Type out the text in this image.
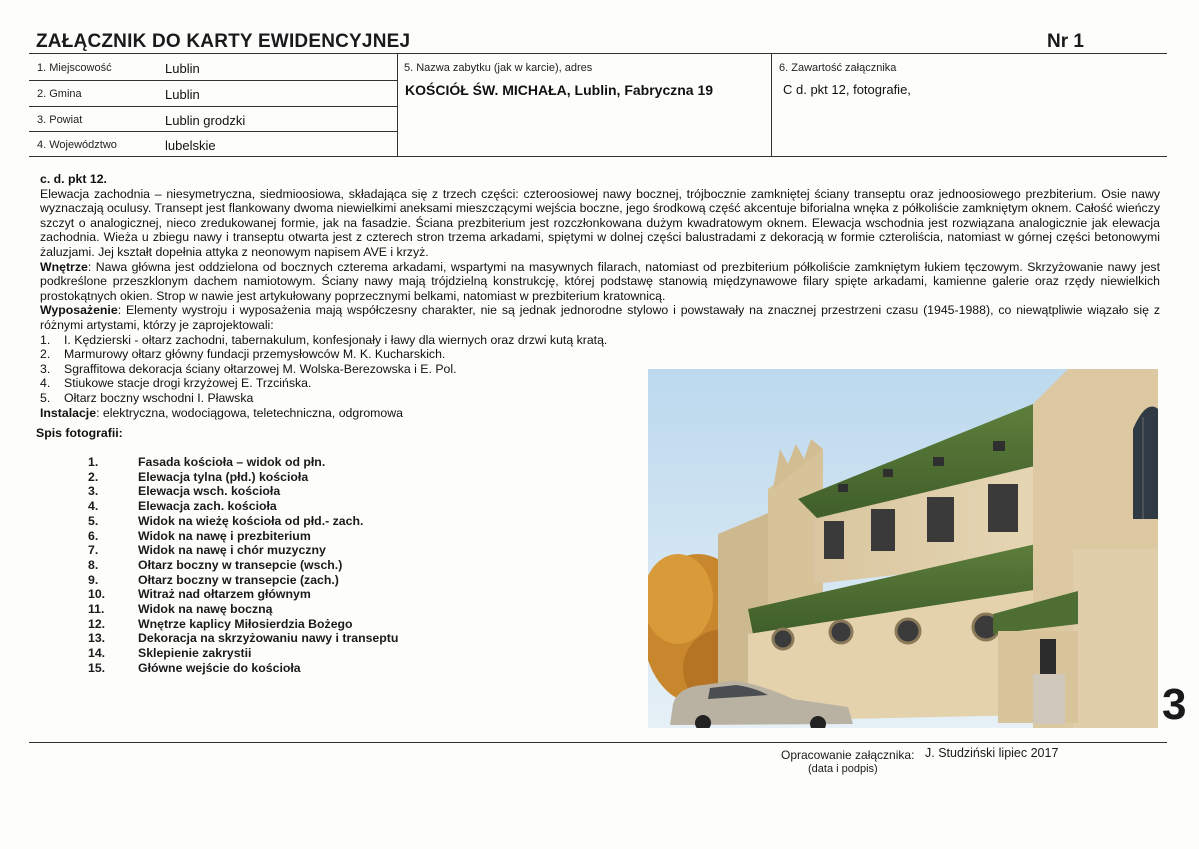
ZAŁĄCZNIK DO KARTY EWIDENCYJNEJ	Nr 1
1. Miejscowość	Lublin
2. Gmina	Lublin
3. Powiat	Lublin grodzki
4. Województwo	lubelskie
5. Nazwa zabytku (jak w karcie), adres
KOŚCIÓŁ ŚW. MICHAŁA, Lublin, Fabryczna 19
6. Zawartość załącznika
C d. pkt 12, fotografie,

c. d. pkt 12.

Elewacja zachodnia – niesymetryczna, siedmioosiowa, składająca się z trzech części: czteroosiowej nawy bocznej, trójbocznie zamkniętej ściany transeptu oraz jednoosiowego prezbiterium. Osie nawy wyznaczają oculusy. Transept jest flankowany dwoma niewielkimi aneksami mieszczącymi wejścia boczne, jego środkową część akcentuje biforialna wnęka z półkoliście zamkniętym oknem. Całość wieńczy szczyt o analogicznej, nieco zredukowanej formie, jak na fasadzie. Ściana prezbiterium jest rozczłonkowana dużym kwadratowym oknem. Elewacja wschodnia jest rozwiązana analogicznie jak elewacja zachodnia. Wieża u zbiegu nawy i transeptu otwarta jest z czterech stron trzema arkadami, spiętymi w dolnej części balustradami z dekoracją w formie czteroliścia, natomiast w górnej części betonowymi żaluzjami. Jej kształt dopełnia attyka z neonowym napisem AVE i krzyż.

Wnętrze: Nawa główna jest oddzielona od bocznych czterema arkadami, wspartymi na masywnych filarach, natomiast od prezbiterium półkoliście zamkniętym łukiem tęczowym. Skrzyżowanie nawy jest podkreślone przeszklonym dachem namiotowym. Ściany nawy mają trójdzielną konstrukcję, której podstawę stanowią międzynawowe filary spięte arkadami, kamienne galerie oraz rzędy niewielkich prostokątnych okien. Strop w nawie jest artykułowany poprzecznymi belkami, natomiast w prezbiterium kratownicą.

Wyposażenie: Elementy wystroju i wyposażenia mają współczesny charakter, nie są jednak jednorodne stylowo i powstawały na znacznej przestrzeni czasu (1945-1988), co niewątpliwie wiązało się z różnymi artystami, którzy je zaprojektowali:

1. I. Kędzierski - ołtarz zachodni, tabernakulum, konfesjonały i ławy dla wiernych oraz drzwi kutą kratą.

2. Marmurowy ołtarz główny fundacji przemysłowców M. K. Kucharskich.

3. Sgraffitowa dekoracja ściany ołtarzowej M. Wolska-Berezowska i E. Pol.

4. Stiukowe stacje drogi krzyżowej E. Trzcińska.

5. Ołtarz boczny wschodni I. Pławska

Instalacje: elektryczna, wodociągowa, teletechniczna, odgromowa

Spis fotografii:

1.	Fasada kościoła – widok od płn.
2.	Elewacja tylna (płd.) kościoła
3.	Elewacja wsch. kościoła
4.	Elewacja zach. kościoła
5.	Widok na wieżę kościoła od płd.- zach.
6.	Widok na nawę i prezbiterium
7.	Widok na nawę i chór muzyczny
8.	Ołtarz boczny w transepcie (wsch.)
9.	Ołtarz boczny w transepcie (zach.)
10.	Witraż nad ołtarzem głównym
11.	Widok na nawę boczną
12.	Wnętrze kaplicy Miłosierdzia Bożego
13.	Dekoracja na skrzyżowaniu nawy i transeptu
14.	Sklepienie zakrystii
15.	Główne wejście do kościoła
3
Opracowanie załącznika:
(data i podpis)
J. Studziński lipiec 2017
